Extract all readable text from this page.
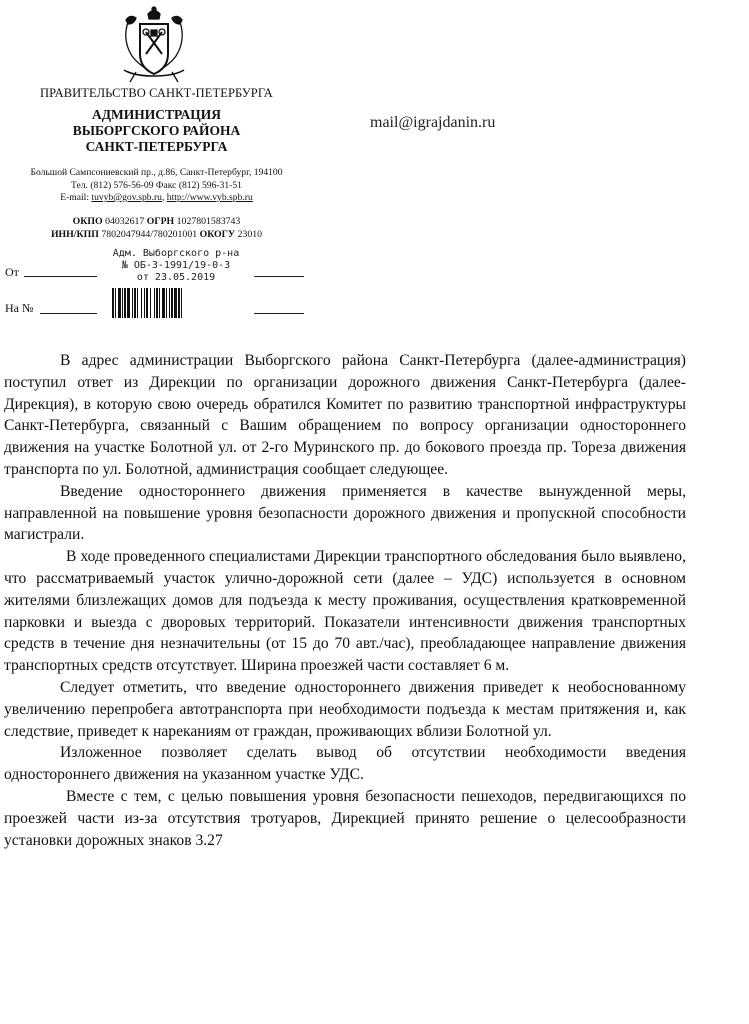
ПРАВИТЕЛЬСТВО САНКТ-ПЕТЕРБУРГА
АДМИНИСТРАЦИЯ
ВЫБОРГСКОГО РАЙОНА
САНКТ-ПЕТЕРБУРГА
Большой Сампсониевский пр., д.86, Санкт-Петербург, 194100
Тел. (812) 576-56-09 Факс (812) 596-31-51
E-mail: tuvyb@gov.spb.ru, http://www.vyb.spb.ru
ОКПО 04032617 ОГРН 1027801583743
ИНН/КПП 7802047944/780201001 ОКОГУ 23010
mail@igrajdanin.ru
От
На №
Адм. Выборгского р-на
№ ОБ-3-1991/19-0-3
от 23.05.2019

В адрес администрации Выборгского района Санкт-Петербурга (далее-администрация) поступил ответ из Дирекции по организации дорожного движения Санкт-Петербурга (далее-Дирекция), в которую свою очередь обратился Комитет по развитию транспортной инфраструктуры Санкт-Петербурга, связанный с Вашим обращением по вопросу организации одностороннего движения на участке Болотной ул. от 2-го Муринского пр. до бокового проезда пр. Тореза движения транспорта по ул. Болотной, администрация сообщает следующее.

Введение одностороннего движения применяется в качестве вынужденной меры, направленной на повышение уровня безопасности дорожного движения и пропускной способности магистрали.

В ходе проведенного специалистами Дирекции транспортного обследования было выявлено, что рассматриваемый участок улично-дорожной сети (далее – УДС) используется в основном жителями близлежащих домов для подъезда к месту проживания, осуществления кратковременной парковки и выезда с дворовых территорий. Показатели интенсивности движения транспортных средств в течение дня незначительны (от 15 до 70 авт./час), преобладающее направление движения транспортных средств отсутствует. Ширина проезжей части составляет 6 м.

Следует отметить, что введение одностороннего движения приведет к необоснованному увеличению перепробега автотранспорта при необходимости подъезда к местам притяжения и, как следствие, приведет к нареканиям от граждан, проживающих вблизи Болотной ул.

Изложенное позволяет сделать вывод об отсутствии необходимости введения одностороннего движения на указанном участке УДС.

Вместе с тем, с целью повышения уровня безопасности пешеходов, передвигающихся по проезжей части из-за отсутствия тротуаров, Дирекцией принято решение о целесообразности установки дорожных знаков 3.27
